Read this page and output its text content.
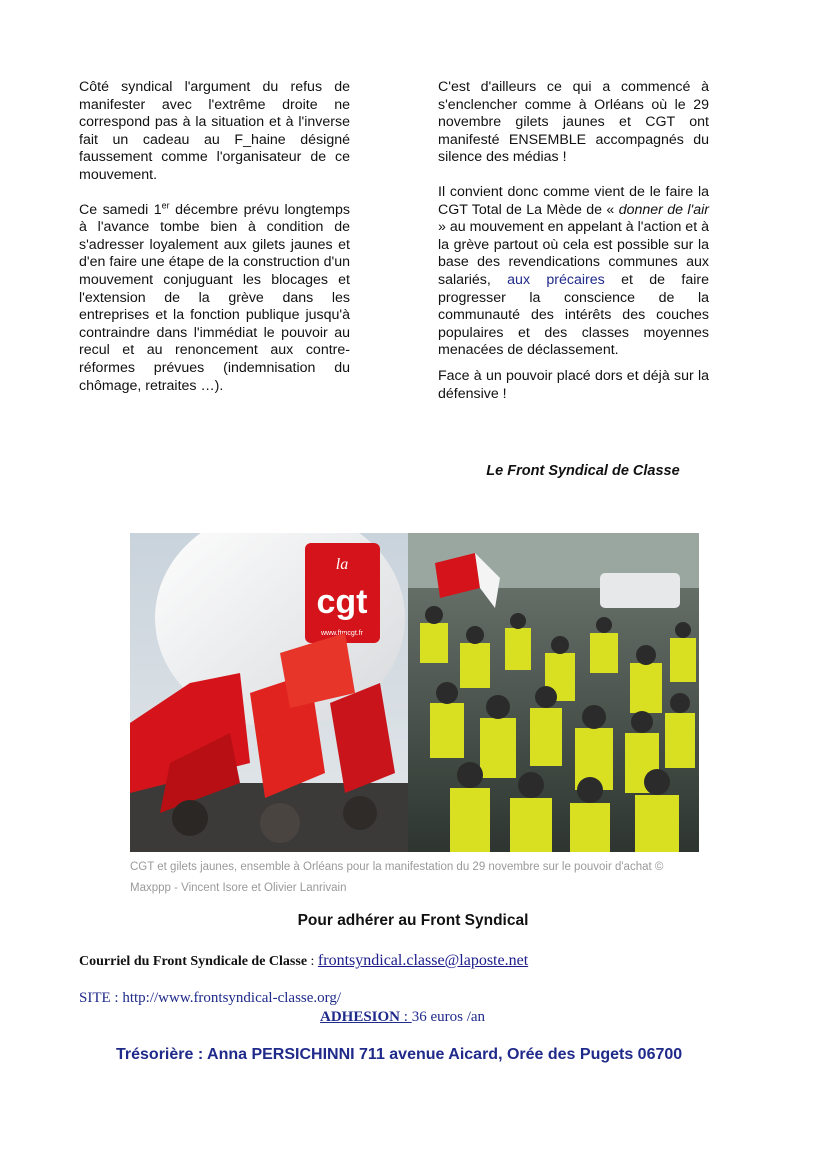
Côté syndical l'argument du refus de manifester avec l'extrême droite ne correspond pas à la situation et à l'inverse fait un cadeau au F_haine désigné faussement comme l'organisateur de ce mouvement.

Ce samedi 1er décembre prévu longtemps à l'avance tombe bien à condition de s'adresser loyalement aux gilets jaunes et d'en faire une étape de la construction d'un mouvement conjuguant les blocages et l'extension de la grève dans les entreprises et la fonction publique jusqu'à contraindre dans l'immédiat le pouvoir au recul et au renoncement aux contre-réformes prévues (indemnisation du chômage, retraites …).

C'est d'ailleurs ce qui a commencé à s'enclencher comme à Orléans où le 29 novembre gilets jaunes et CGT ont manifesté ENSEMBLE accompagnés du silence des médias !

Il convient donc comme vient de le faire la CGT Total de La Mède de « donner de l'air » au mouvement en appelant à l'action et à la grève partout où cela est possible sur la base des revendications communes aux salariés, aux précaires et de faire progresser la conscience de la communauté des intérêts des couches populaires et des classes moyennes menacées de déclassement.

Face à un pouvoir placé dors et déjà sur la défensive !

Le Front Syndical de Classe
la
cgt
www.ftmcgt.fr
CGT et gilets jaunes, ensemble à Orléans pour la manifestation du 29 novembre sur le pouvoir d'achat © Maxppp - Vincent Isore et Olivier Lanrivain
Pour adhérer au Front Syndical
Courriel du Front Syndicale de Classe : frontsyndical.classe@laposte.net
SITE : http://www.frontsyndical-classe.org/
ADHESION : 36 euros /an
Trésorière : Anna PERSICHINNI 711 avenue Aicard, Orée des Pugets 06700
